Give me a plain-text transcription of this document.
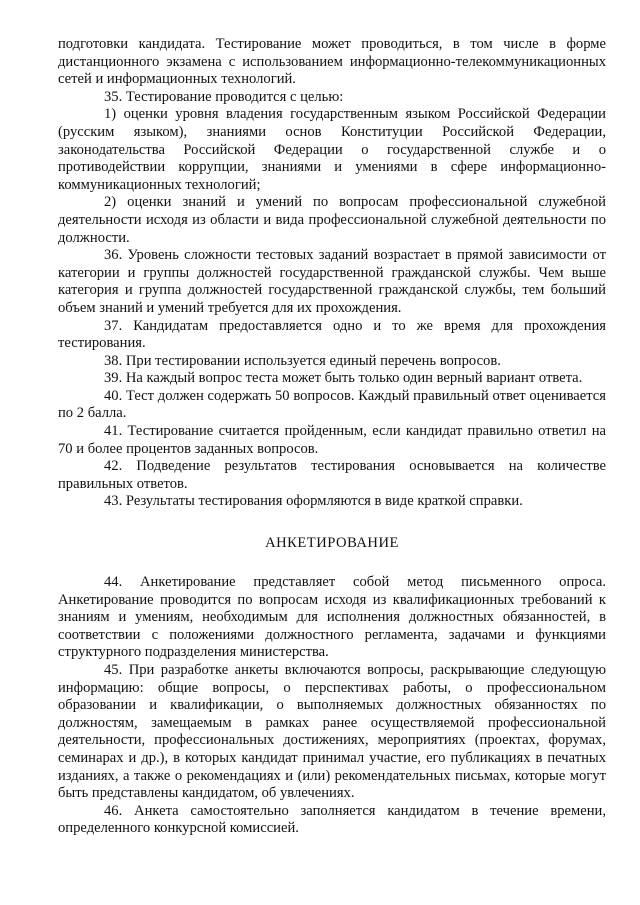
подготовки кандидата. Тестирование может проводиться, в том числе в форме дистанционного экзамена с использованием информационно-телекоммуникационных сетей и информационных технологий.

35. Тестирование проводится с целью:

1) оценки уровня владения государственным языком Российской Федерации (русским языком), знаниями основ Конституции Российской Федерации, законодательства Российской Федерации о государственной службе и о противодействии коррупции, знаниями и умениями в сфере информационно-коммуникационных технологий;

2) оценки знаний и умений по вопросам профессиональной служебной деятельности исходя из области и вида профессиональной служебной деятельности по должности.

36. Уровень сложности тестовых заданий возрастает в прямой зависимости от категории и группы должностей государственной гражданской службы. Чем выше категория и группа должностей государственной гражданской службы, тем больший объем знаний и умений требуется для их прохождения.

37. Кандидатам предоставляется одно и то же время для прохождения тестирования.

38. При тестировании используется единый перечень вопросов.

39. На каждый вопрос теста может быть только один верный вариант ответа.

40. Тест должен содержать 50 вопросов. Каждый правильный ответ оценивается по 2 балла.

41. Тестирование считается пройденным, если кандидат правильно ответил на 70 и более процентов заданных вопросов.

42. Подведение результатов тестирования основывается на количестве правильных ответов.

43. Результаты тестирования оформляются в виде краткой справки.

АНКЕТИРОВАНИЕ

44. Анкетирование представляет собой метод письменного опроса. Анкетирование проводится по вопросам исходя из квалификационных требований к знаниям и умениям, необходимым для исполнения должностных обязанностей, в соответствии с положениями должностного регламента, задачами и функциями структурного подразделения министерства.

45. При разработке анкеты включаются вопросы, раскрывающие следующую информацию: общие вопросы, о перспективах работы, о профессиональном образовании и квалификации, о выполняемых должностных обязанностях по должностям, замещаемым в рамках ранее осуществляемой профессиональной деятельности, профессиональных достижениях, мероприятиях (проектах, форумах, семинарах и др.), в которых кандидат принимал участие, его публикациях в печатных изданиях, а также о рекомендациях и (или) рекомендательных письмах, которые могут быть представлены кандидатом, об увлечениях.

46. Анкета самостоятельно заполняется кандидатом в течение времени, определенного конкурсной комиссией.
